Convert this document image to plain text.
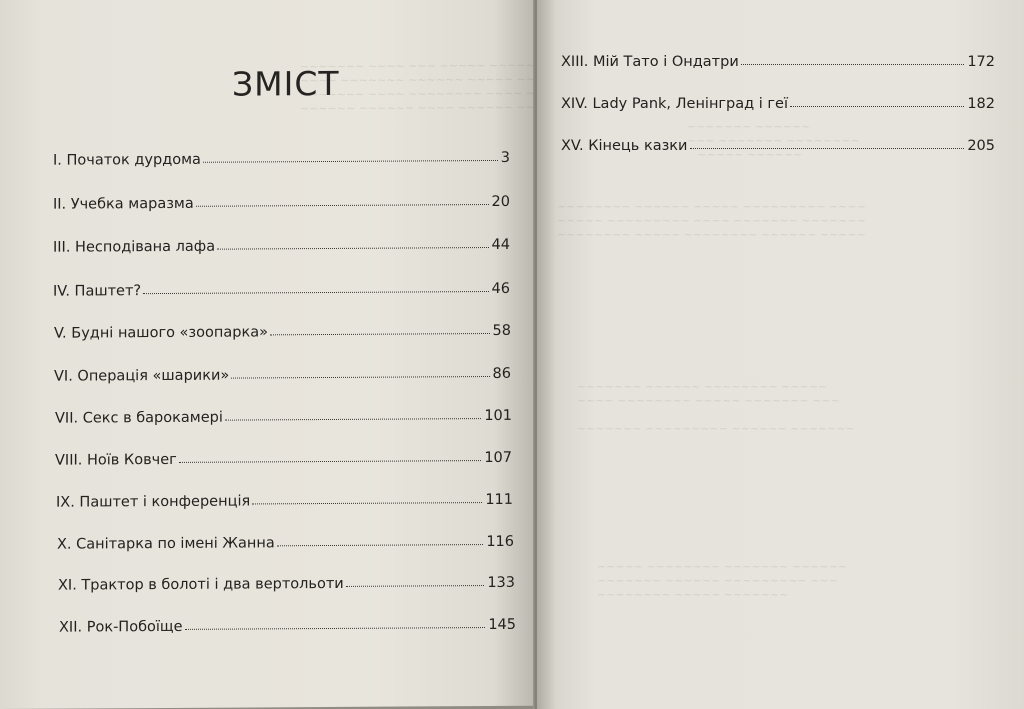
~~~~~~~ ~~~~ ~~~ ~~~~~ ~~~~~~~~
~~~~ ~~~~~~~ ~~~~~~ ~~~~~
~~~~~~~ ~~~~ ~~~~~~~~ ~~~~
~~~~~~ ~~~~~~ ~~~~ ~~~~~~
ЗМІСТ
І. Початок дурдома	3
ІІ. Учебка маразма	20
ІІІ. Несподівана лафа	44
IV. Паштет?	46
V. Будні нашого «зоопарка»	58
VI. Операція «шарики»	86
VII. Секс в барокамері	101
VIII. Ноїв Ковчег	107
IX. Паштет і конференція	111
X. Санітарка по імені Жанна	116
XI. Трактор в болоті і два вертольоти	133
XII. Рок-Побоїще	145
~~~~~~~ ~~~~~~
~~~ ~~~~~~~ ~~~~~~~~
~~~~~ ~~~~~~
~~~~~~~~ ~~~~~~ ~~~~~ ~~~~~~~~~ ~~~~
~~~~~ ~~~~~~~~~ ~~~~ ~~~~~~~ ~~~~~~~
~~~~~~~~ ~~~~~ ~~~~~~~~ ~~~~~~ ~~~~~
~~~~~~~ ~~~~~~ ~~~~~~~~ ~~~~~
~~~~ ~~~~~~~~ ~~~~~ ~~~~~~~ ~~~

~~~~~~~ ~~~~~~~~~ ~~~~~~ ~~~~~~~
~~~~~ ~~~~~~~~ ~~~~~~~ ~~~~~~
~~~~~~~ ~~~~~~ ~~~~~~~~~ ~~~
~~~~~~~~ ~~~~~ ~~~~~~~
XIII. Мій Тато і Ондатри	172
XIV. Lady Pank, Ленінград і геї	182
XV. Кінець казки	205
